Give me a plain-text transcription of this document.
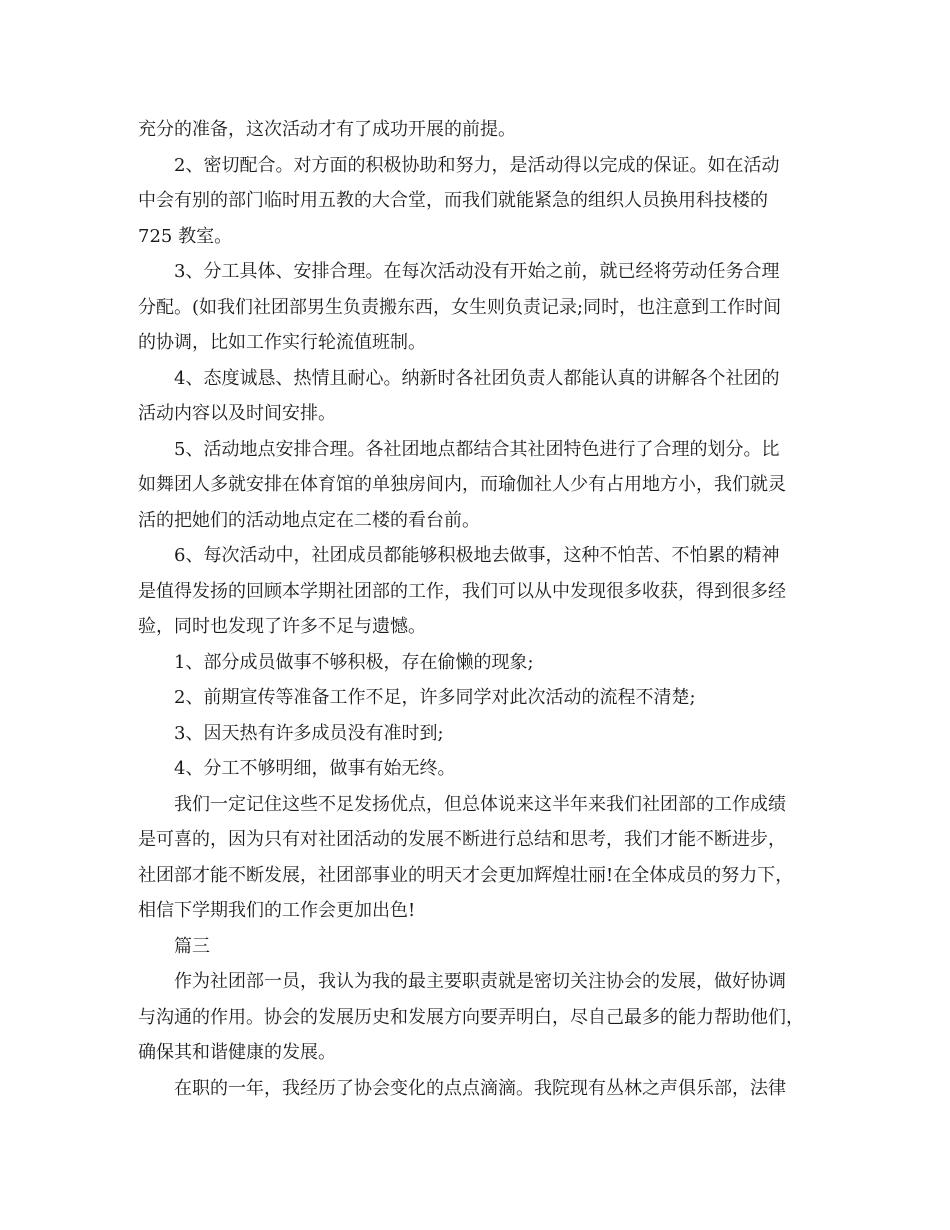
充分的准备，这次活动才有了成功开展的前提。
2、密切配合。对方面的积极协助和努力，是活动得以完成的保证。如在活动
中会有别的部门临时用五教的大合堂，而我们就能紧急的组织人员换用科技楼的
725 教室。
3、分工具体、安排合理。在每次活动没有开始之前，就已经将劳动任务合理
分配。(如我们社团部男生负责搬东西，女生则负责记录;同时，也注意到工作时间
的协调，比如工作实行轮流值班制。
4、态度诚恳、热情且耐心。纳新时各社团负责人都能认真的讲解各个社团的
活动内容以及时间安排。
5、活动地点安排合理。各社团地点都结合其社团特色进行了合理的划分。比
如舞团人多就安排在体育馆的单独房间内，而瑜伽社人少有占用地方小，我们就灵
活的把她们的活动地点定在二楼的看台前。
6、每次活动中，社团成员都能够积极地去做事，这种不怕苦、不怕累的精神
是值得发扬的回顾本学期社团部的工作，我们可以从中发现很多收获，得到很多经
验，同时也发现了许多不足与遗憾。
1、部分成员做事不够积极，存在偷懒的现象;
2、前期宣传等准备工作不足，许多同学对此次活动的流程不清楚;
3、因天热有许多成员没有准时到;
4、分工不够明细，做事有始无终。
我们一定记住这些不足发扬优点，但总体说来这半年来我们社团部的工作成绩
是可喜的，因为只有对社团活动的发展不断进行总结和思考，我们才能不断进步，
社团部才能不断发展，社团部事业的明天才会更加辉煌壮丽!在全体成员的努力下，
相信下学期我们的工作会更加出色!
篇三
作为社团部一员，我认为我的最主要职责就是密切关注协会的发展，做好协调
与沟通的作用。协会的发展历史和发展方向要弄明白，尽自己最多的能力帮助他们，
确保其和谐健康的发展。
在职的一年，我经历了协会变化的点点滴滴。我院现有丛林之声俱乐部，法律
